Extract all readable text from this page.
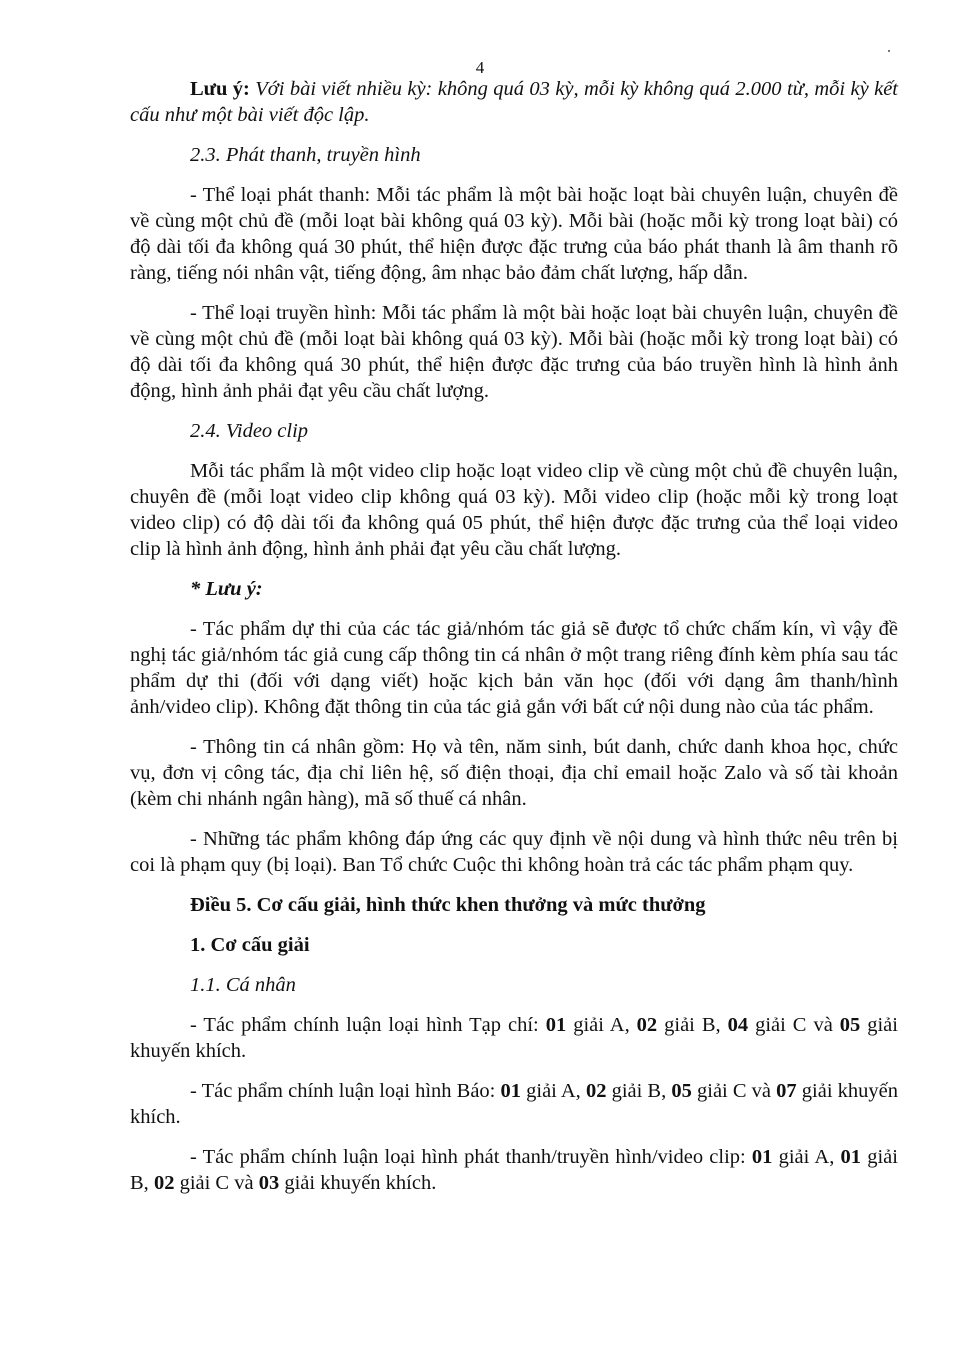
4

Lưu ý: Với bài viết nhiều kỳ: không quá 03 kỳ, mỗi kỳ không quá 2.000 từ, mỗi kỳ kết cấu như một bài viết độc lập.

2.3. Phát thanh, truyền hình

- Thể loại phát thanh: Mỗi tác phẩm là một bài hoặc loạt bài chuyên luận, chuyên đề về cùng một chủ đề (mỗi loạt bài không quá 03 kỳ). Mỗi bài (hoặc mỗi kỳ trong loạt bài) có độ dài tối đa không quá 30 phút, thể hiện được đặc trưng của báo phát thanh là âm thanh rõ ràng, tiếng nói nhân vật, tiếng động, âm nhạc bảo đảm chất lượng, hấp dẫn.

- Thể loại truyền hình: Mỗi tác phẩm là một bài hoặc loạt bài chuyên luận, chuyên đề về cùng một chủ đề (mỗi loạt bài không quá 03 kỳ). Mỗi bài (hoặc mỗi kỳ trong loạt bài) có độ dài tối đa không quá 30 phút, thể hiện được đặc trưng của báo truyền hình là hình ảnh động, hình ảnh phải đạt yêu cầu chất lượng.

2.4. Video clip

Mỗi tác phẩm là một video clip hoặc loạt video clip về cùng một chủ đề chuyên luận, chuyên đề (mỗi loạt video clip không quá 03 kỳ). Mỗi video clip (hoặc mỗi kỳ trong loạt video clip) có độ dài tối đa không quá 05 phút, thể hiện được đặc trưng của thể loại video clip là hình ảnh động, hình ảnh phải đạt yêu cầu chất lượng.

* Lưu ý:

- Tác phẩm dự thi của các tác giả/nhóm tác giả sẽ được tổ chức chấm kín, vì vậy đề nghị tác giả/nhóm tác giả cung cấp thông tin cá nhân ở một trang riêng đính kèm phía sau tác phẩm dự thi (đối với dạng viết) hoặc kịch bản văn học (đối với dạng âm thanh/hình ảnh/video clip). Không đặt thông tin của tác giả gắn với bất cứ nội dung nào của tác phẩm.

- Thông tin cá nhân gồm: Họ và tên, năm sinh, bút danh, chức danh khoa học, chức vụ, đơn vị công tác, địa chỉ liên hệ, số điện thoại, địa chỉ email hoặc Zalo và số tài khoản (kèm chi nhánh ngân hàng), mã số thuế cá nhân.

- Những tác phẩm không đáp ứng các quy định về nội dung và hình thức nêu trên bị coi là phạm quy (bị loại). Ban Tổ chức Cuộc thi không hoàn trả các tác phẩm phạm quy.

Điều 5. Cơ cấu giải, hình thức khen thưởng và mức thưởng

1. Cơ cấu giải

1.1. Cá nhân

- Tác phẩm chính luận loại hình Tạp chí: 01 giải A, 02 giải B, 04 giải C và 05 giải khuyến khích.

- Tác phẩm chính luận loại hình Báo: 01 giải A, 02 giải B, 05 giải C và 07 giải khuyến khích.

- Tác phẩm chính luận loại hình phát thanh/truyền hình/video clip: 01 giải A, 01 giải B, 02 giải C và 03 giải khuyến khích.
